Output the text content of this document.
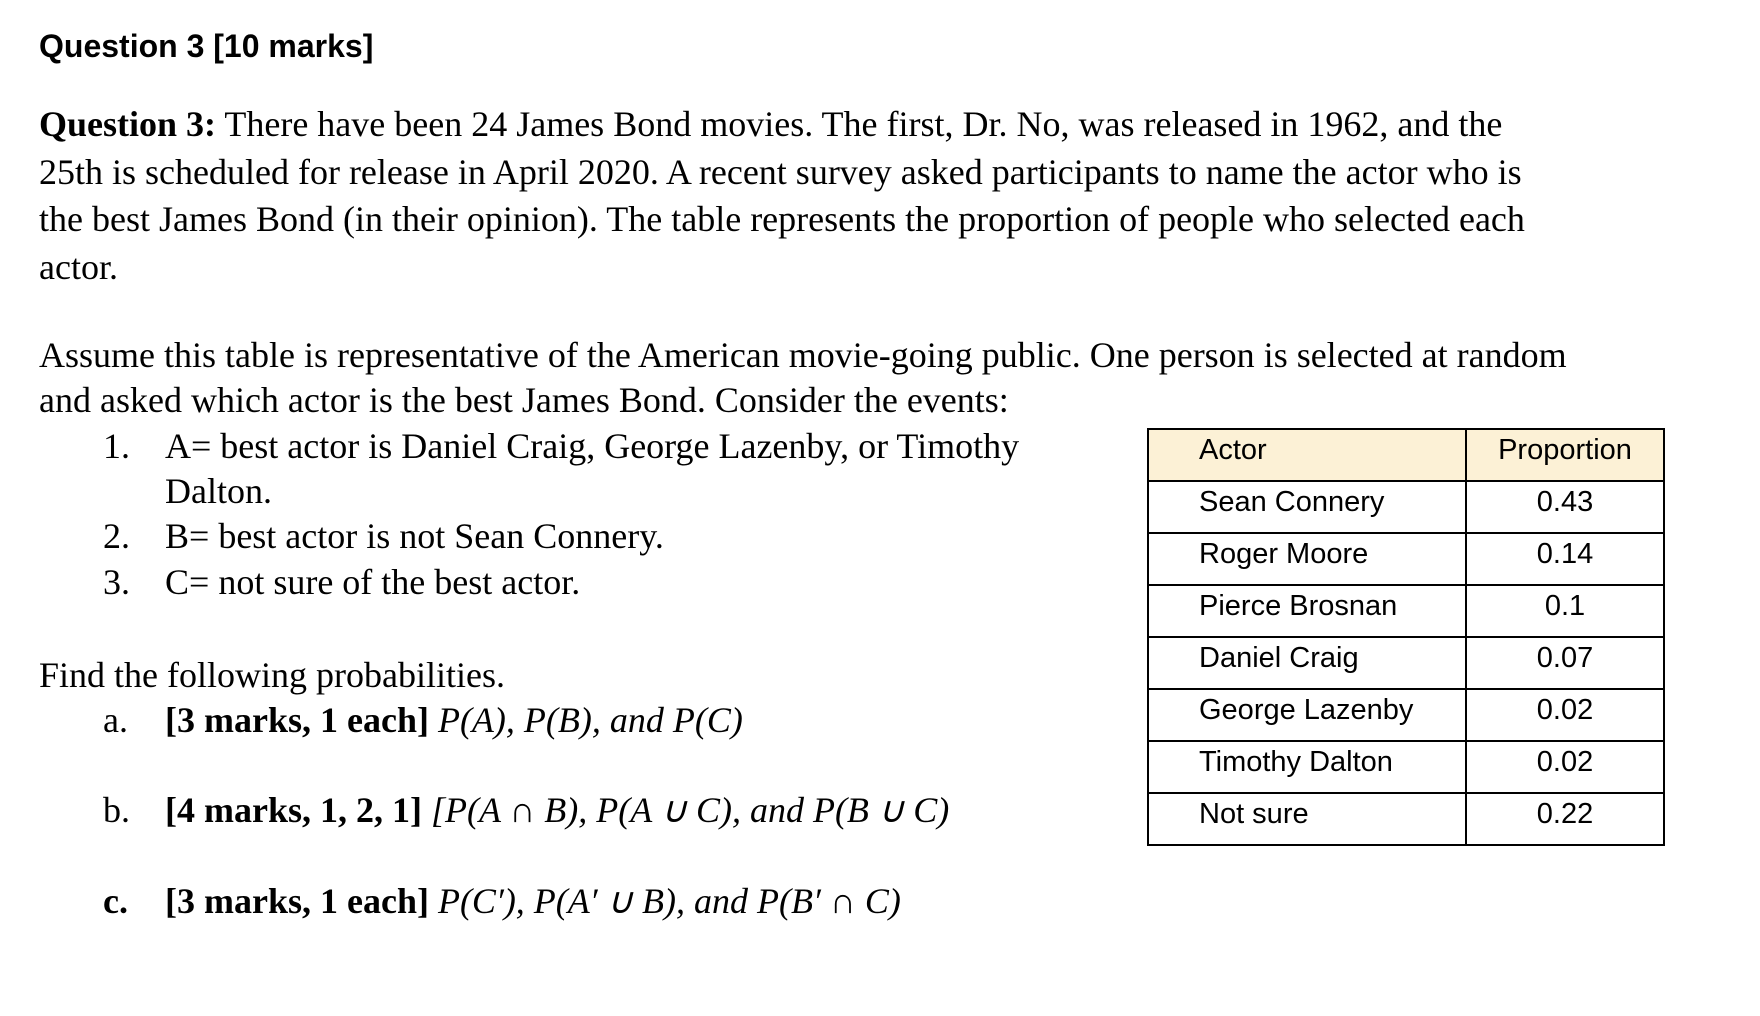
Question 3 [10 marks]
Question 3: There have been 24 James Bond movies. The first, Dr. No, was released in 1962, and the
25th is scheduled for release in April 2020. A recent survey asked participants to name the actor who is
the best James Bond (in their opinion). The table represents the proportion of people who selected each
actor.
Assume this table is representative of the American movie-going public. One person is selected at random
and asked which actor is the best James Bond. Consider the events:
1. A= best actor is Daniel Craig, George Lazenby, or Timothy
Dalton.
2. B= best actor is not Sean Connery.
3. C= not sure of the best actor.
Find the following probabilities.
a. [3 marks, 1 each] P(A), P(B), and P(C)
b. [4 marks, 1, 2, 1] [P(A ∩ B), P(A ∪ C), and P(B ∪ C)
c. [3 marks, 1 each] P(C′), P(A′ ∪ B), and P(B′ ∩ C)
Actor	Proportion
Sean Connery	0.43
Roger Moore	0.14
Pierce Brosnan	0.1
Daniel Craig	0.07
George Lazenby	0.02
Timothy Dalton	0.02
Not sure	0.22
